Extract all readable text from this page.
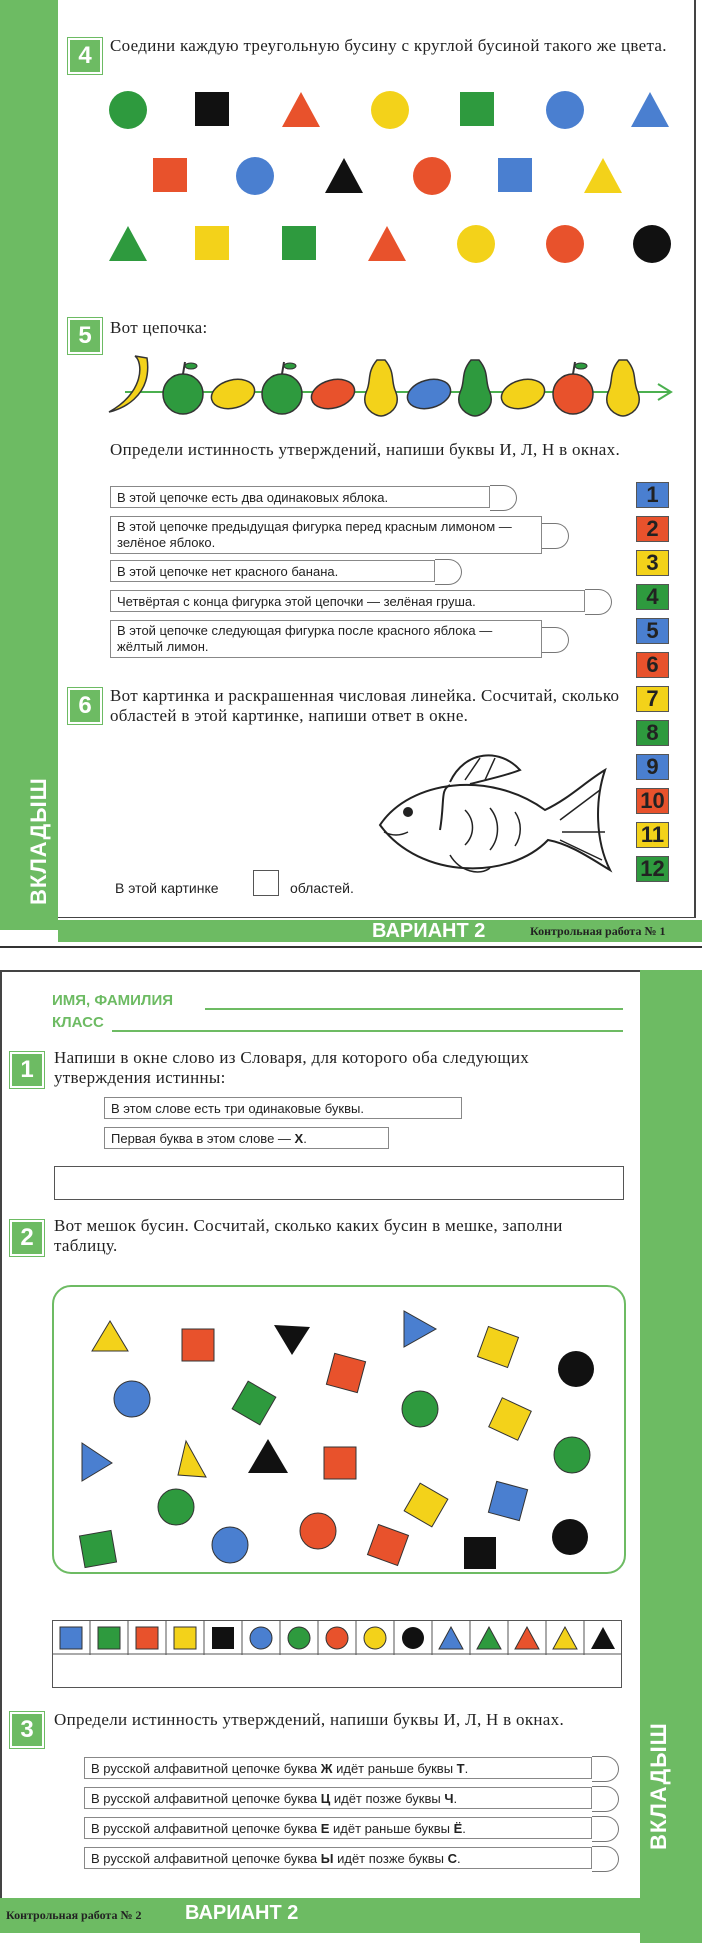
ВКЛАДЫШ
4	Соедини каждую треугольную бусину с круглой бусиной такого же цвета.
5	Вот цепочка:
Определи истинность утверждений, напиши буквы И, Л, Н в окнах.
В этой цепочке есть два одинаковых яблока.
В этой цепочке предыдущая фигурка перед красным лимоном — зелёное яблоко.
В этой цепочке нет красного банана.
Четвёртая с конца фигурка этой цепочки — зелёная груша.
В этой цепочке следующая фигурка после красного яблока — жёлтый лимон.
1
2
3
4
5
6
7
8
9
10
11
12
6	Вот картинка и раскрашенная числовая линейка. Сосчитай, сколько областей в этой картинке, напиши ответ в окне.
В этой картинке	областей.
ВАРИАНТ 2	Контрольная работа № 1
ВКЛАДЫШ
ИМЯ, ФАМИЛИЯ
КЛАСС
1	Напиши в окне слово из Словаря, для которого оба следующих утверждения истинны:
В этом слове есть три одинаковые буквы.
Первая буква в этом слове — Х.
2	Вот мешок бусин. Сосчитай, сколько каких бусин в мешке, заполни таблицу.
3	Определи истинность утверждений, напиши буквы И, Л, Н в окнах.
В русской алфавитной цепочке буква Ж идёт раньше буквы Т.
В русской алфавитной цепочке буква Ц идёт позже буквы Ч.
В русской алфавитной цепочке буква Е идёт раньше буквы Ё.
В русской алфавитной цепочке буква Ы идёт позже буквы С.
Контрольная работа № 2 ВАРИАНТ 2
